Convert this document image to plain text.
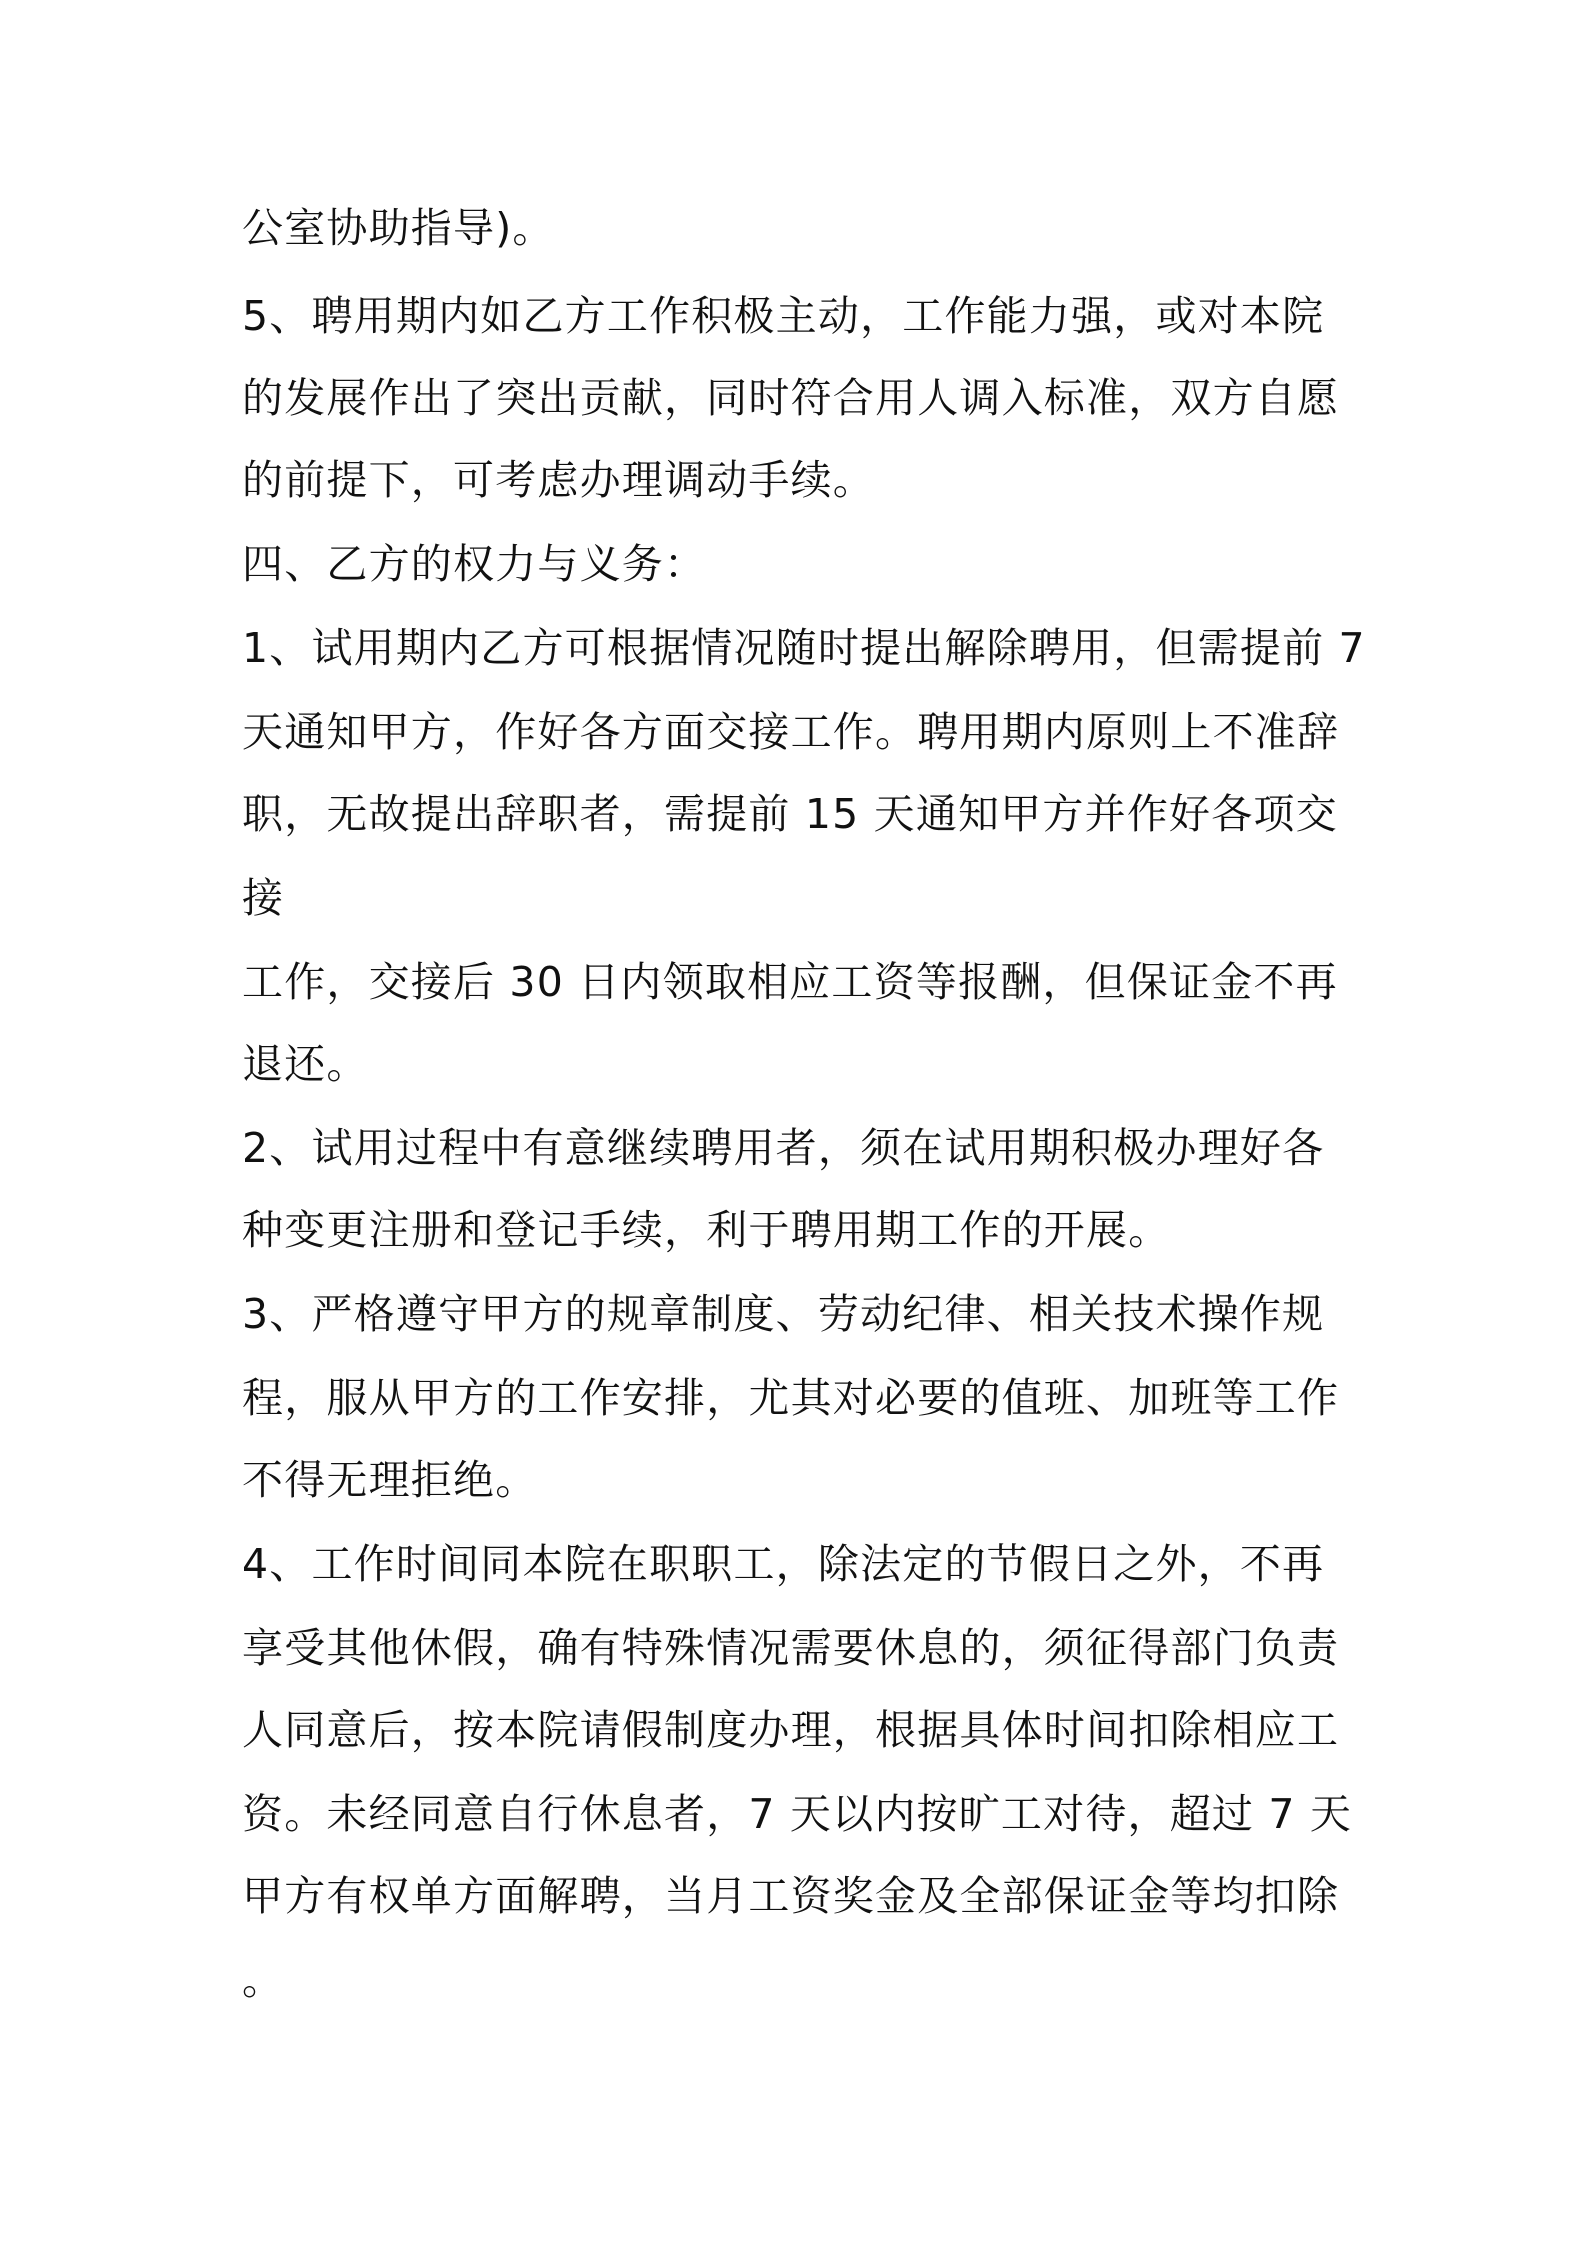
公室协助指导)。
5、聘用期内如乙方工作积极主动，工作能力强，或对本院
的发展作出了突出贡献，同时符合用人调入标准，双方自愿
的前提下，可考虑办理调动手续。
四、乙方的权力与义务：
1、试用期内乙方可根据情况随时提出解除聘用，但需提前 7
天通知甲方，作好各方面交接工作。聘用期内原则上不准辞
职，无故提出辞职者，需提前 15 天通知甲方并作好各项交
接
工作，交接后 30 日内领取相应工资等报酬，但保证金不再
退还。
2、试用过程中有意继续聘用者，须在试用期积极办理好各
种变更注册和登记手续，利于聘用期工作的开展。
3、严格遵守甲方的规章制度、劳动纪律、相关技术操作规
程，服从甲方的工作安排，尤其对必要的值班、加班等工作
不得无理拒绝。
4、工作时间同本院在职职工，除法定的节假日之外，不再
享受其他休假，确有特殊情况需要休息的，须征得部门负责
人同意后，按本院请假制度办理，根据具体时间扣除相应工
资。未经同意自行休息者，7 天以内按旷工对待，超过 7 天
甲方有权单方面解聘，当月工资奖金及全部保证金等均扣除
。
